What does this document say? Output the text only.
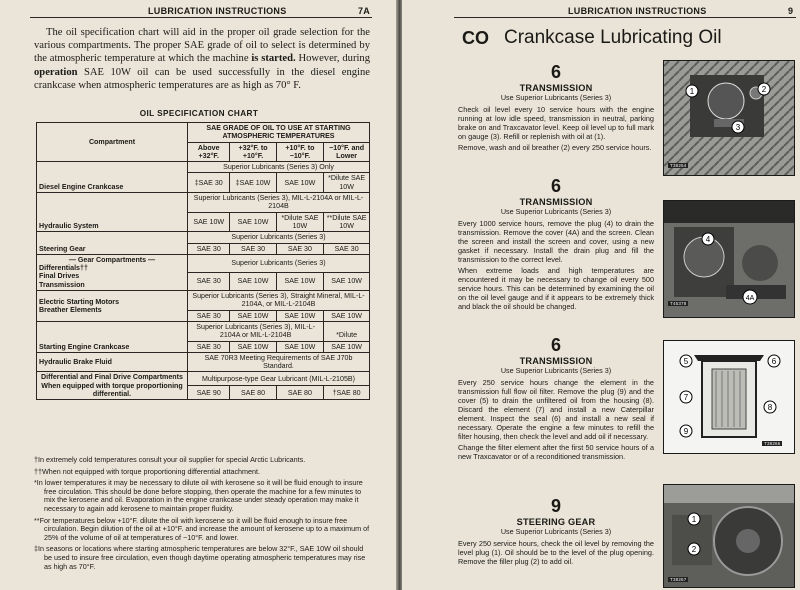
LUBRICATION INSTRUCTIONS	7A
The oil specification chart will aid in the proper oil grade selection for the various compartments. The proper SAE grade of oil to select is determined by the atmospheric temperature at which the machine is started. However, during operation SAE 10W oil can be used successfully in the diesel engine crankcase when atmospheric temperatures are as high as 70° F.
OIL SPECIFICATION CHART
Compartment	SAE GRADE OF OIL TO USE AT STARTING ATMOSPHERIC TEMPERATURES			
	Above +32°F.	+32°F. to +10°F.	+10°F. to −10°F.	−10°F. and Lower
Diesel Engine Crankcase	Superior Lubricants (Series 3) Only			
	‡SAE 30	‡SAE 10W	SAE 10W	*Dilute SAE 10W
Hydraulic System	Superior Lubricants (Series 3), MIL-L-2104A or MIL-L-2104B			
	SAE 10W	SAE 10W	*Dilute SAE 10W	**Dilute SAE 10W
Steering Gear	Superior Lubricants (Series 3)			
	SAE 30	SAE 30	SAE 30	SAE 30

— Gear Compartments —
Differentials††
Final Drives
Transmission	Superior Lubricants (Series 3)			
	SAE 30	SAE 10W	SAE 10W	SAE 10W

Electric Starting Motors
Breather Elements	Superior Lubricants (Series 3), Straight Mineral, MIL-L-2104A, or MIL-L-2104B			
	SAE 30	SAE 10W	SAE 10W	SAE 10W
Starting Engine Crankcase	Superior Lubricants (Series 3), MIL-L-2104A or MIL-L-2104B			*Dilute
	SAE 30	SAE 10W	SAE 10W	SAE 10W
Hydraulic Brake Fluid	SAE 70R3 Meeting Requirements of SAE J70b Standard.			

Differential and Final Drive Compartments
When equipped with torque proportioning differential.	Multipurpose-type Gear Lubricant (MIL-L-2105B)			
	SAE 90	SAE 80	SAE 80	†SAE 80

†In extremely cold temperatures consult your oil supplier for special Arctic Lubricants.

††When not equipped with torque proportioning differential attachment.

*In lower temperatures it may be necessary to dilute oil with kerosene so it will be fluid enough to insure free circulation. This should be done before stopping, then operate the machine for a few minutes to mix the kerosene and oil. Evaporation in the engine crankcase under steady operation may make it necessary to again add kerosene to maintain proper fluidity.

**For temperatures below +10°F. dilute the oil with kerosene so it will be fluid enough to insure free circulation. Begin dilution of the oil at +10°F. and increase the amount of kerosene up to a maximum of 25% of the volume of oil at temperatures of −10°F. and lower.

‡In seasons or locations where starting atmospheric temperatures are below 32°F., SAE 10W oil should be used to insure free circulation, even though daytime operating atmospheric temperatures may rise as high as 70°F.

LUBRICATION INSTRUCTIONS	9
CO Crankcase Lubricating Oil
6
TRANSMISSION
Use Superior Lubricants (Series 3)

Check oil level every 10 service hours with the engine running at low idle speed, transmission in neutral, parking brake on and Traxcavator level. Keep oil level up to full mark on gauge (3). Refill or replenish with oil at (1).

Remove, wash and oil breather (2) every 250 service hours.

6
TRANSMISSION
Use Superior Lubricants (Series 3)

Every 1000 service hours, remove the plug (4) to drain the transmission. Remove the cover (4A) and the screen. Clean the screen and install the screen and cover, using a new gasket if necessary. Install the drain plug and fill the transmission to the correct level.

When extreme loads and high temperatures are encountered it may be necessary to change oil every 500 service hours. This can be determined by examining the oil on the oil level gauge and if it appears to be extremely thick and black the oil should be changed.

6
TRANSMISSION
Use Superior Lubricants (Series 3)

Every 250 service hours change the element in the transmission full flow oil filter. Remove the plug (9) and the cover (5) to drain the unfiltered oil from the housing (8). Discard the element (7) and install a new Caterpillar element. Inspect the seal (6) and install a new seal if necessary. Operate the engine a few minutes to refill the filter housing, then check the level and add oil if necessary.

Change the filter element after the first 50 service hours of a new Traxcavator or of a reconditioned transmission.

9
STEERING GEAR
Use Superior Lubricants (Series 3)

Every 250 service hours, check the oil level by removing the level plug (1). Oil should be to the level of the plug opening. Remove the filler plug (2) to add oil.

1	2
3
T38264
4
4A
T45378
5	6
7
8
9
T38266
1
2
T38267
